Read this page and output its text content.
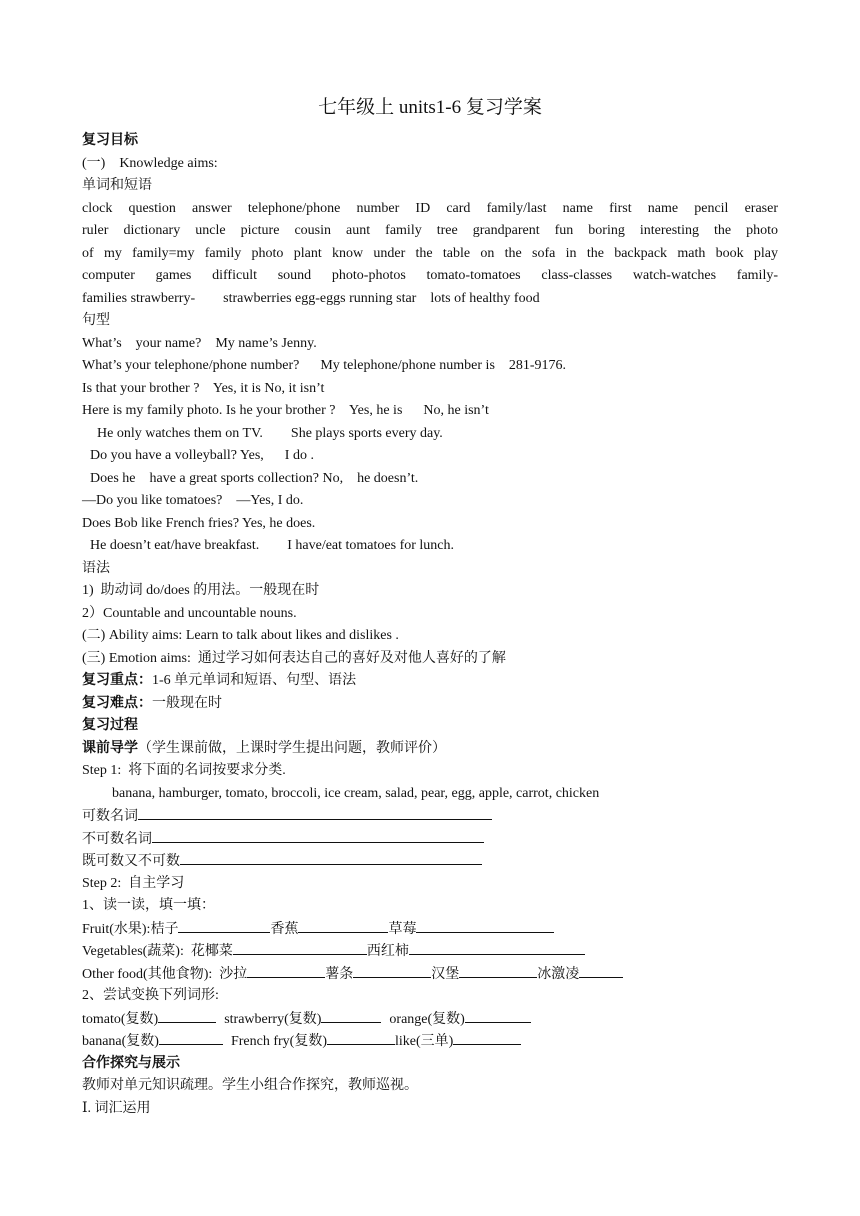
七年级上 units1-6 复习学案
复习目标
(一)    Knowledge aims:
单词和短语
clock question answer telephone/phone number ID card family/last name first name pencil eraser
ruler dictionary uncle picture cousin aunt family tree grandparent fun boring interesting the photo
of my family=my family photo plant know under the table on the sofa in the backpack math book play
computer games difficult sound photo-photos tomato-tomatoes class-classes watch-watches family-
families strawberry-        strawberries egg-eggs running star    lots of healthy food
句型
What’s    your name?    My name’s Jenny.
What’s your telephone/phone number?      My telephone/phone number is    281-9176.
Is that your brother ?    Yes, it is No, it isn’t
Here is my family photo. Is he your brother ?    Yes, he is      No, he isn’t
He only watches them on TV.        She plays sports every day.
Do you have a volleyball? Yes,      I do .
Does he    have a great sports collection? No,    he doesn’t.
—Do you like tomatoes?    —Yes, I do.
Does Bob like French fries? Yes, he does.
He doesn’t eat/have breakfast.        I have/eat tomatoes for lunch.
语法
1)  助动词 do/does 的用法。一般现在时
2）Countable and uncountable nouns.
(二) Ability aims: Learn to talk about likes and dislikes .
(三) Emotion aims:  通过学习如何表达自己的喜好及对他人喜好的了解
复习重点：1-6 单元单词和短语、句型、语法
复习难点：一般现在时
复习过程
课前导学（学生课前做，上课时学生提出问题，教师评价）
Step 1:  将下面的名词按要求分类.
banana, hamburger, tomato, broccoli, ice cream, salad, pear, egg, apple, carrot, chicken
可数名词
不可数名词
既可数又不可数
Step 2:  自主学习
1、读一读，填一填：
Fruit(水果):桔子	香蕉	草莓
Vegetables(蔬菜):  花椰菜	西红柿
Other food(其他食物):  沙拉	薯条	汉堡	冰激凌
2、尝试变换下列词形:
tomato(复数)	strawberry(复数)	orange(复数)
banana(复数)	French fry(复数)	like(三单)
合作探究与展示
教师对单元知识疏理。学生小组合作探究，教师巡视。
Ⅰ. 词汇运用
